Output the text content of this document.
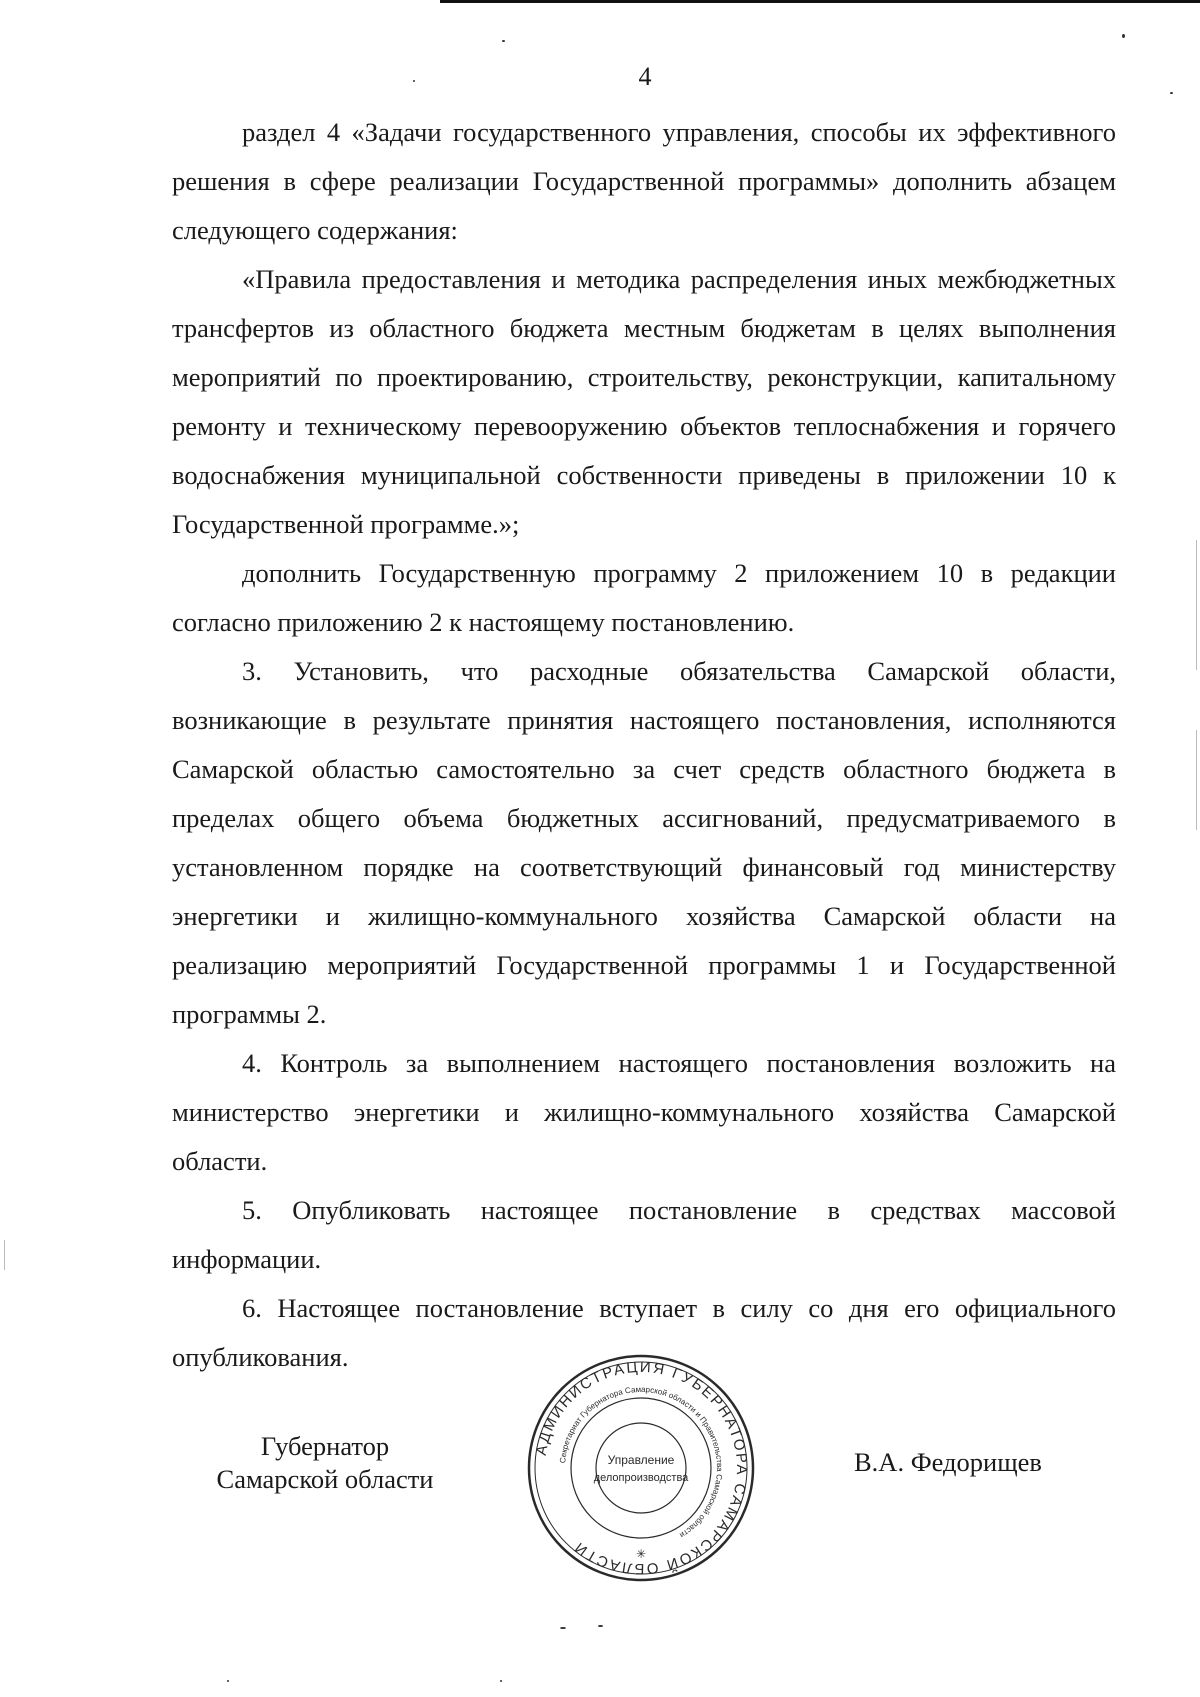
4

раздел 4 «Задачи государственного управления, способы их эффективного решения в сфере реализации Государственной программы» дополнить абзацем следующего содержания:

«Правила предоставления и методика распределения иных межбюджетных трансфертов из областного бюджета местным бюджетам в целях выполнения мероприятий по проектированию, строительству, реконструкции, капитальному ремонту и техническому перевооружению объектов теплоснабжения и горячего водоснабжения муниципальной собственности приведены в приложении 10 к Государственной программе.»;

дополнить Государственную программу 2 приложением 10 в редакции согласно приложению 2 к настоящему постановлению.

3. Установить, что расходные обязательства Самарской области, возникающие в результате принятия настоящего постановления, исполняются Самарской областью самостоятельно за счет средств областного бюджета в пределах общего объема бюджетных ассигнований, предусматриваемого в установленном порядке на соответствующий финансовый год министерству энергетики и жилищно-коммунального хозяйства Самарской области на реализацию мероприятий Государственной программы 1 и Государственной программы 2.

4. Контроль за выполнением настоящего постановления возложить на министерство энергетики и жилищно-коммунального хозяйства Самарской области.

5. Опубликовать настоящее постановление в средствах массовой информации.

6. Настоящее постановление вступает в силу со дня его официального опубликования.

Губернатор
Самарской области
В.А. Федорищев
АДМИНИСТРАЦИЯ ГУБЕРНАТОРА САМАРСКОЙ ОБЛАСТИ
Секретариат Губернатора Самарской области и Правительства Самарской области
Управление
делопроизводства
✳
